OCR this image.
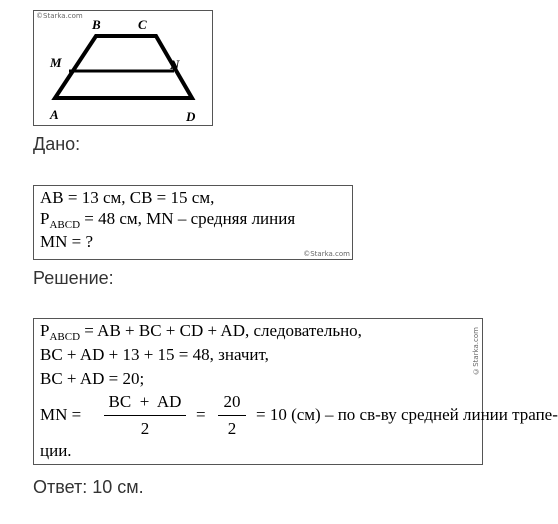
©Starka.com
B	C
M	N
A	D
Дано:
AB = 13 см, CB = 15 см,
$P_{ABCD} = 48$ см, MN – средняя линия
MN = ?
©Starka.com
Решение:
$P_{ABCD}$ = AB + BC + CD + AD, следовательно,
BC + AD + 13 + 15 = 48, значит,
BC + AD = 20;
MN =
BC  +  AD
2
=
20
2
= 10 (см) – по св-ву средней линии трапе-
ции.
©Starka.com
Ответ: 10 см.
